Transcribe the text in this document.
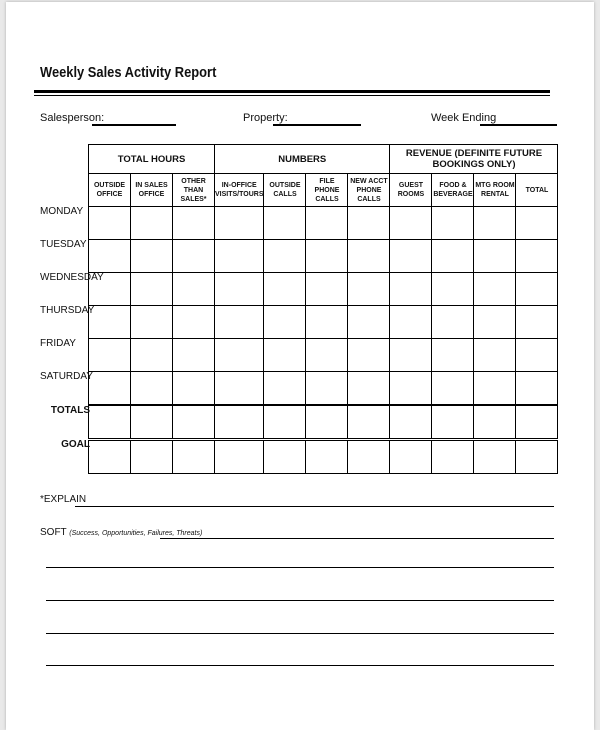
Weekly Sales Activity Report
Salesperson:	Property:	Week Ending
TOTAL HOURS			NUMBERS				REVENUE (DEFINITE FUTURE BOOKINGS ONLY)			
OUTSIDE OFFICE	IN SALES OFFICE	OTHER THAN SALES*	IN-OFFICE VISITS/TOURS	OUTSIDE CALLS	FILE PHONE CALLS	NEW ACCT PHONE CALLS	GUEST ROOMS	FOOD & BEVERAGE	MTG ROOM RENTAL	TOTAL

MONDAY
TUESDAY
WEDNESDAY
THURSDAY
FRIDAY
SATURDAY
TOTALS
GOAL
*EXPLAIN
SOFT (Success, Opportunities, Failures, Threats)
